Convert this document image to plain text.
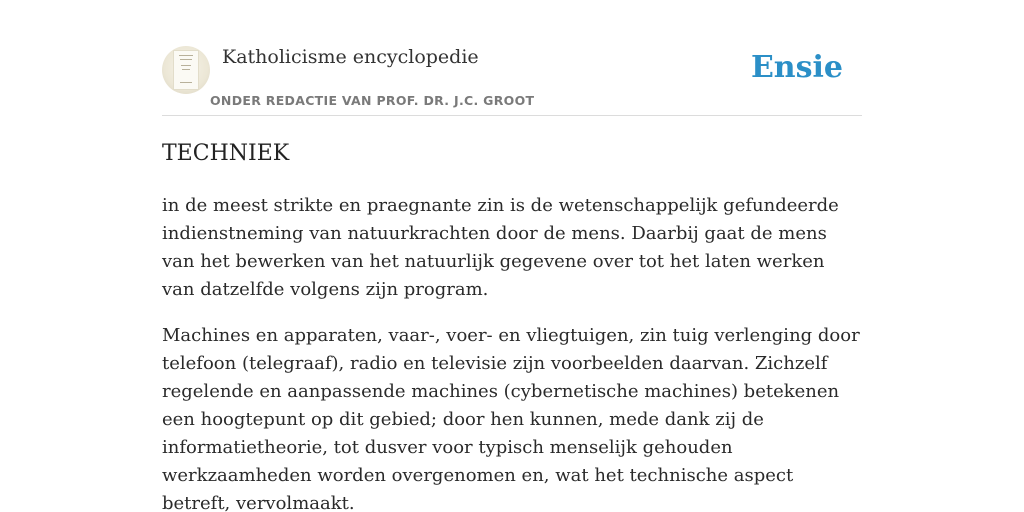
Katholicisme encyclopedie
ONDER REDACTIE VAN PROF. DR. J.C. GROOT
Ensie
TECHNIEK

in de meest strikte en praegnante zin is de wetenschappelijk gefundeerde indienstneming van natuurkrachten door de mens. Daarbij gaat de mens van het bewerken van het natuurlijk gegevene over tot het laten werken van datzelfde volgens zijn program.

Machines en apparaten, vaar-, voer- en vliegtuigen, zin tuig verlenging door telefoon (telegraaf), radio en televisie zijn voorbeelden daarvan. Zichzelf regelende en aanpassende machines (cybernetische machines) betekenen een hoogtepunt op dit gebied; door hen kunnen, mede dank zij de informatietheorie, tot dusver voor typisch menselijk gehouden werkzaamheden worden overgenomen en, wat het technische aspect betreft, vervolmaakt.
